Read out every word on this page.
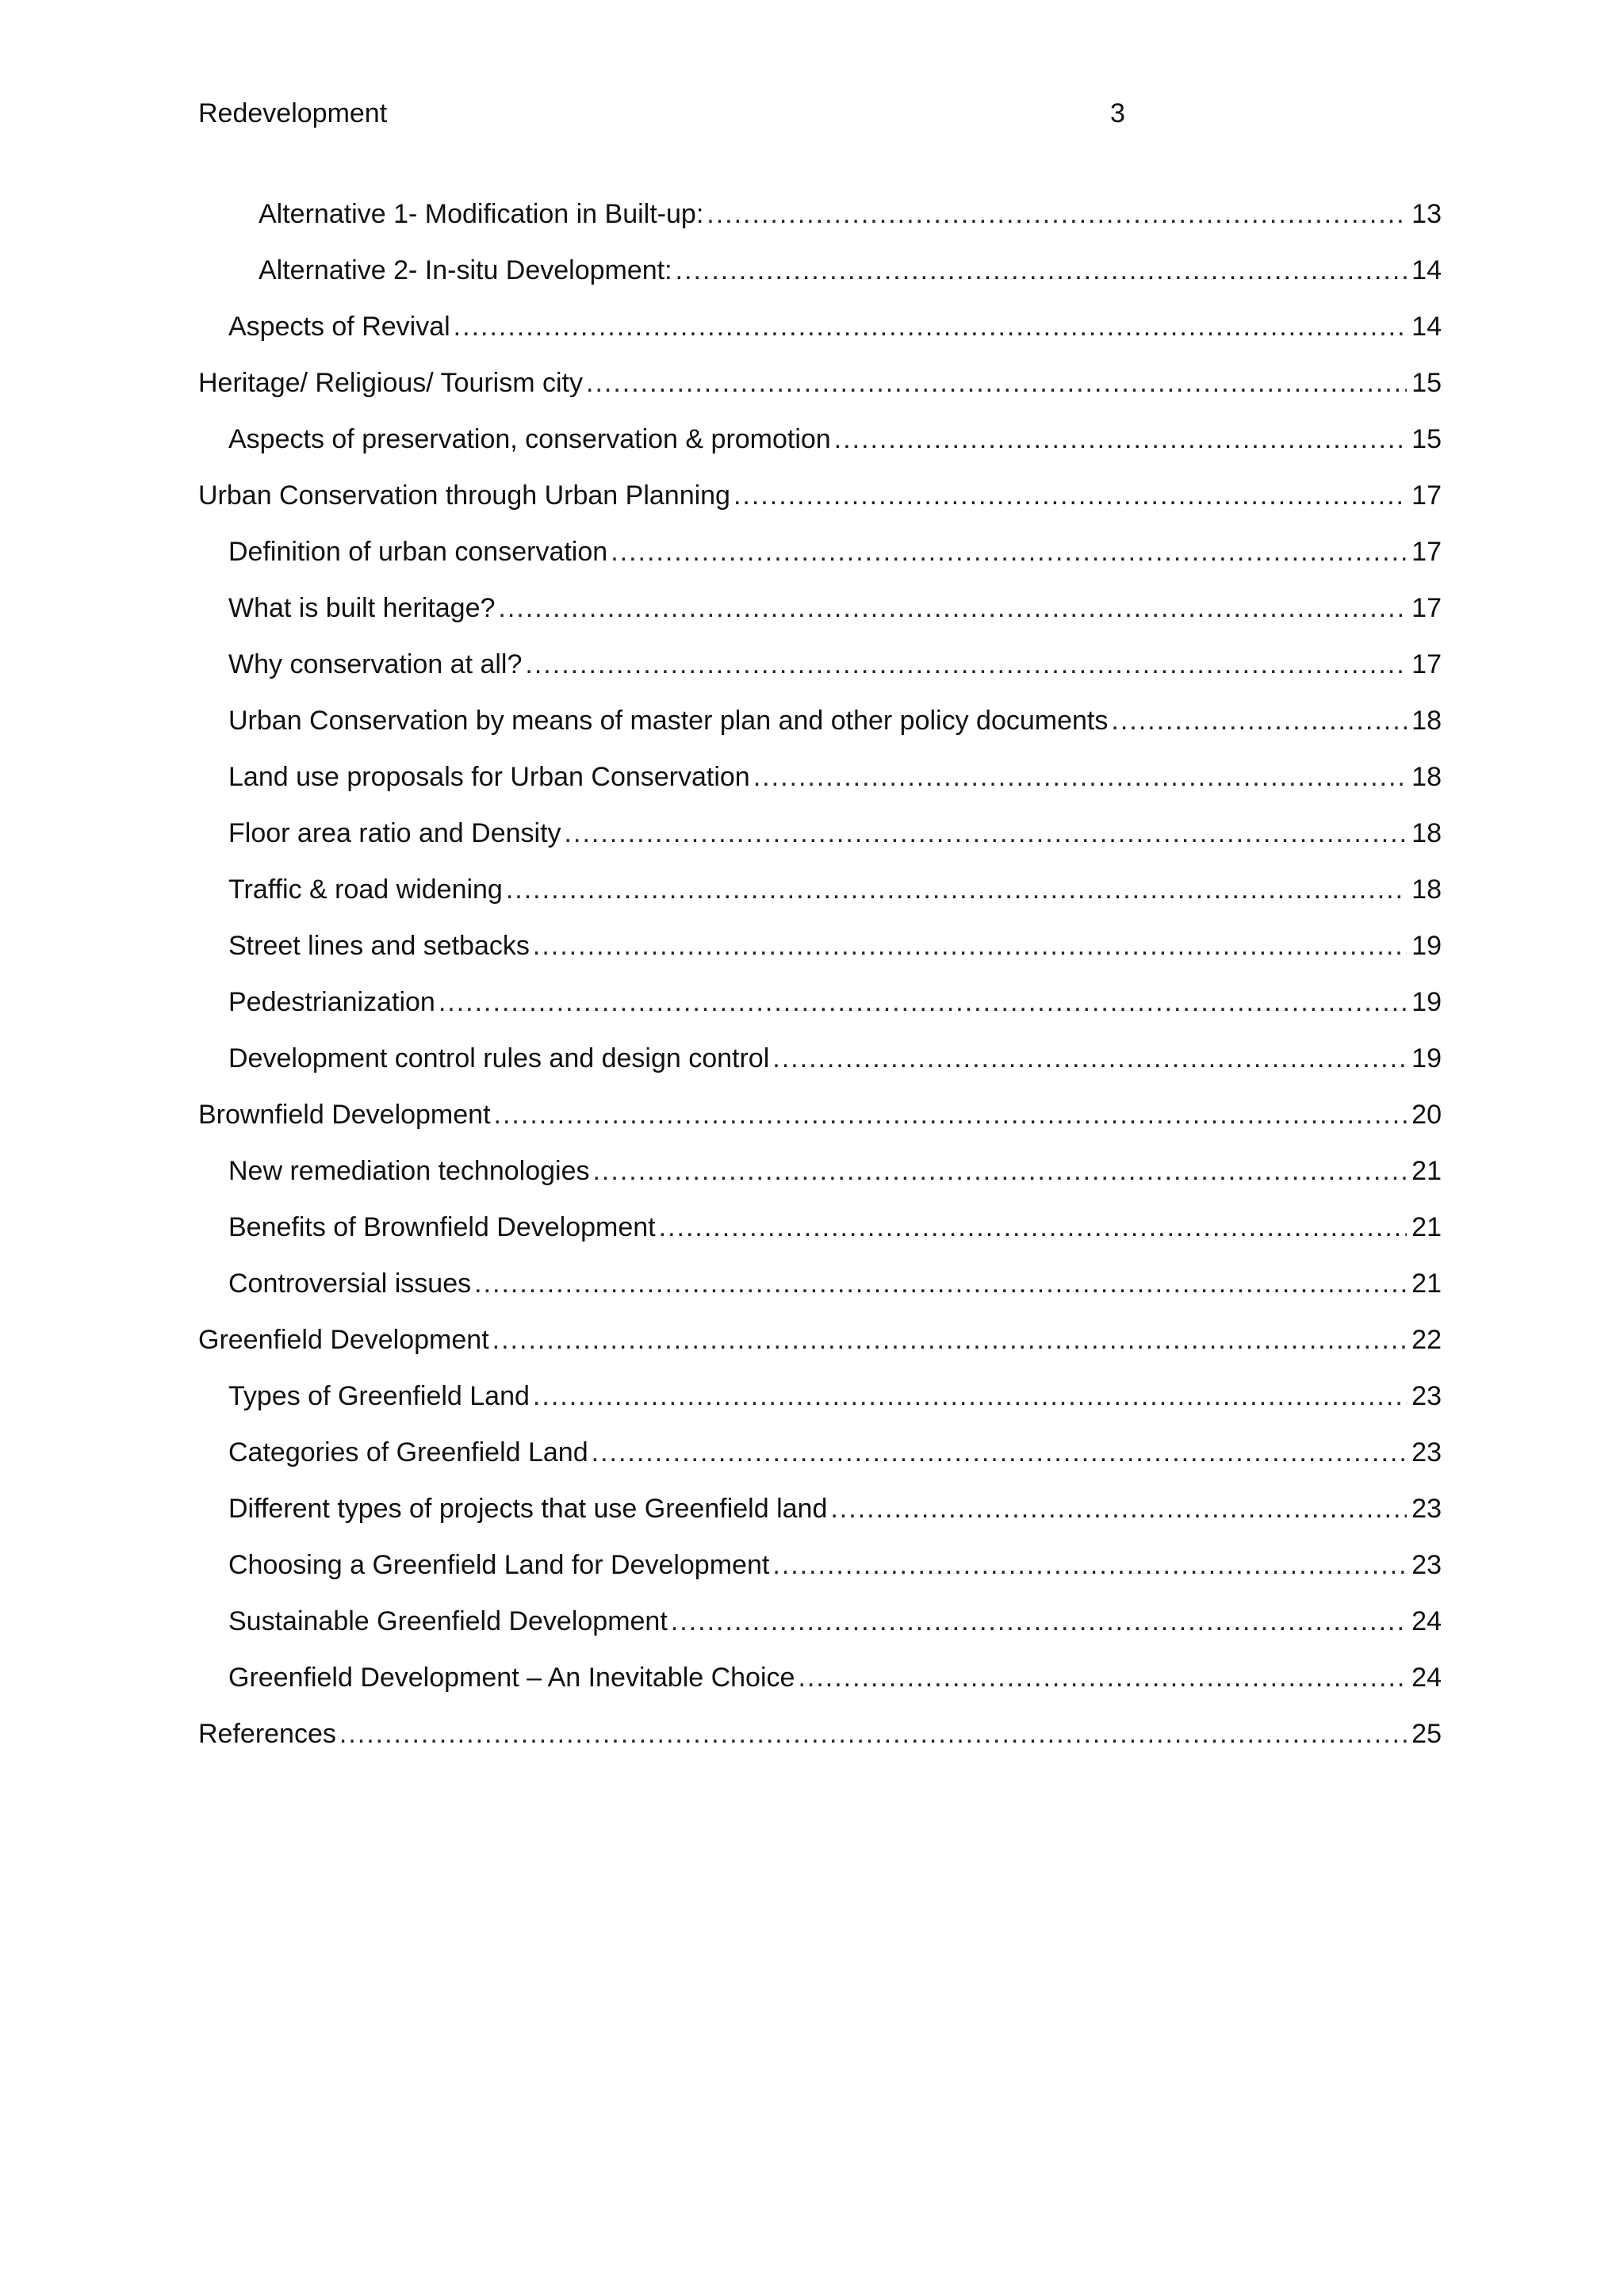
Redevelopment	3
Alternative 1- Modification in Built-up: .....	13
Alternative 2- In-situ Development: .....	14
Aspects of Revival .....	14
Heritage/ Religious/ Tourism city .....	15
Aspects of preservation, conservation & promotion .....	15
Urban Conservation through Urban Planning .....	17
Definition of urban conservation .....	17
What is built heritage? .....	17
Why conservation at all? .....	17
Urban Conservation by means of master plan and other policy documents .....	18
Land use proposals for Urban Conservation .....	18
Floor area ratio and Density .....	18
Traffic & road widening .....	18
Street lines and setbacks .....	19
Pedestrianization .....	19
Development control rules and design control .....	19
Brownfield Development .....	20
New remediation technologies .....	21
Benefits of Brownfield Development .....	21
Controversial issues .....	21
Greenfield Development .....	22
Types of Greenfield Land .....	23
Categories of Greenfield Land .....	23
Different types of projects that use Greenfield land .....	23
Choosing a Greenfield Land for Development .....	23
Sustainable Greenfield Development .....	24
Greenfield Development – An Inevitable Choice .....	24
References .....	25
